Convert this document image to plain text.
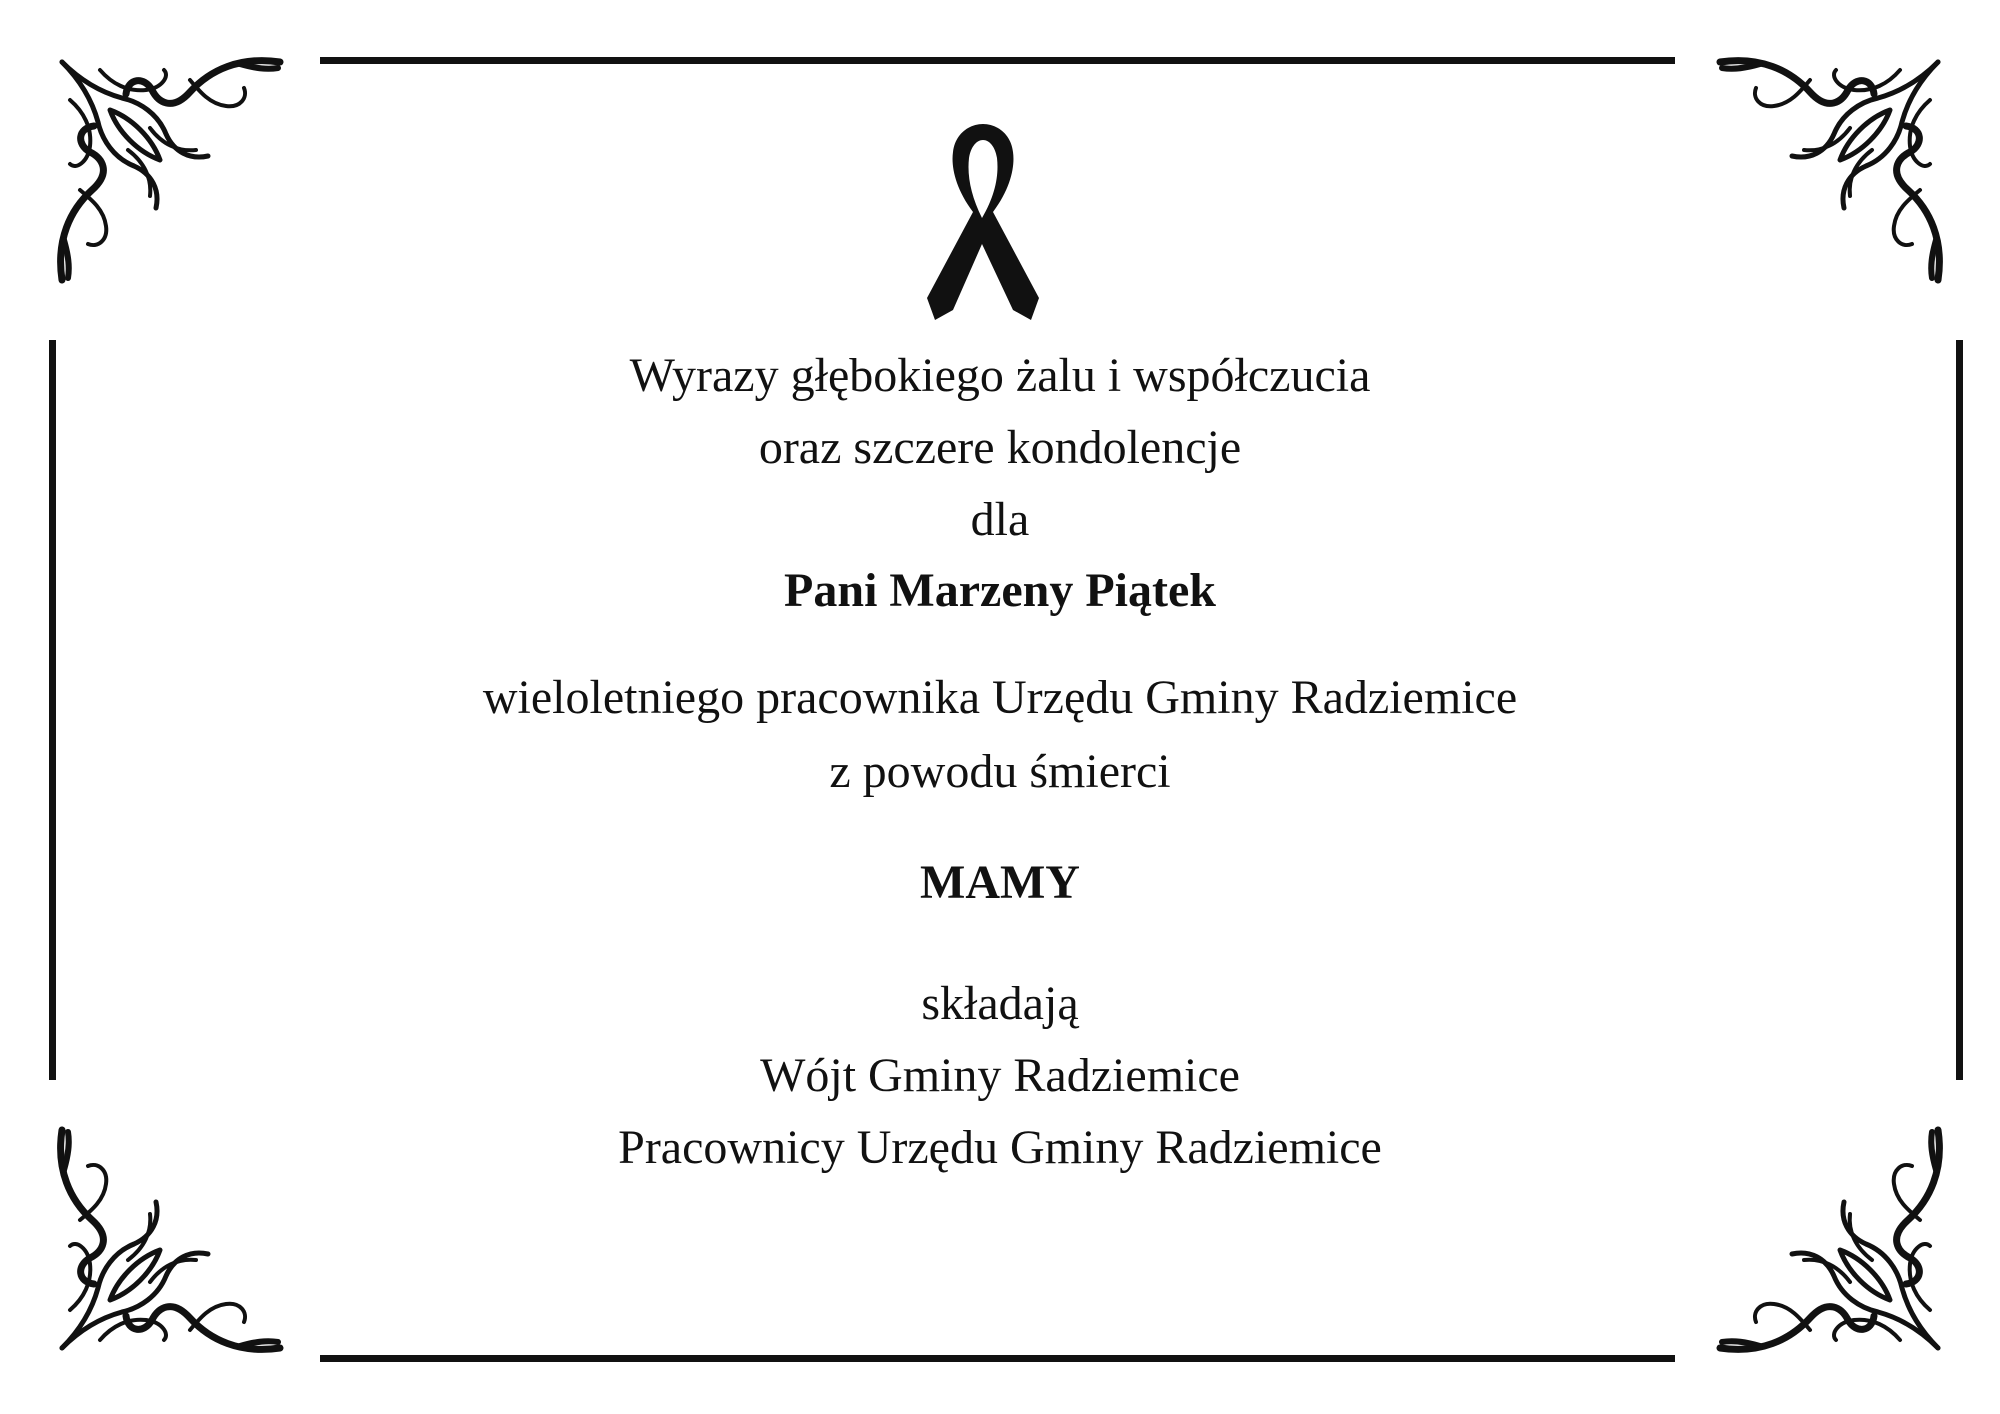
Wyrazy głębokiego żalu i współczucia
oraz szczere kondolencje
dla
Pani Marzeny Piątek
wieloletniego pracownika Urzędu Gminy Radziemice
z powodu śmierci
MAMY
składają
Wójt Gminy Radziemice
Pracownicy Urzędu Gminy Radziemice
